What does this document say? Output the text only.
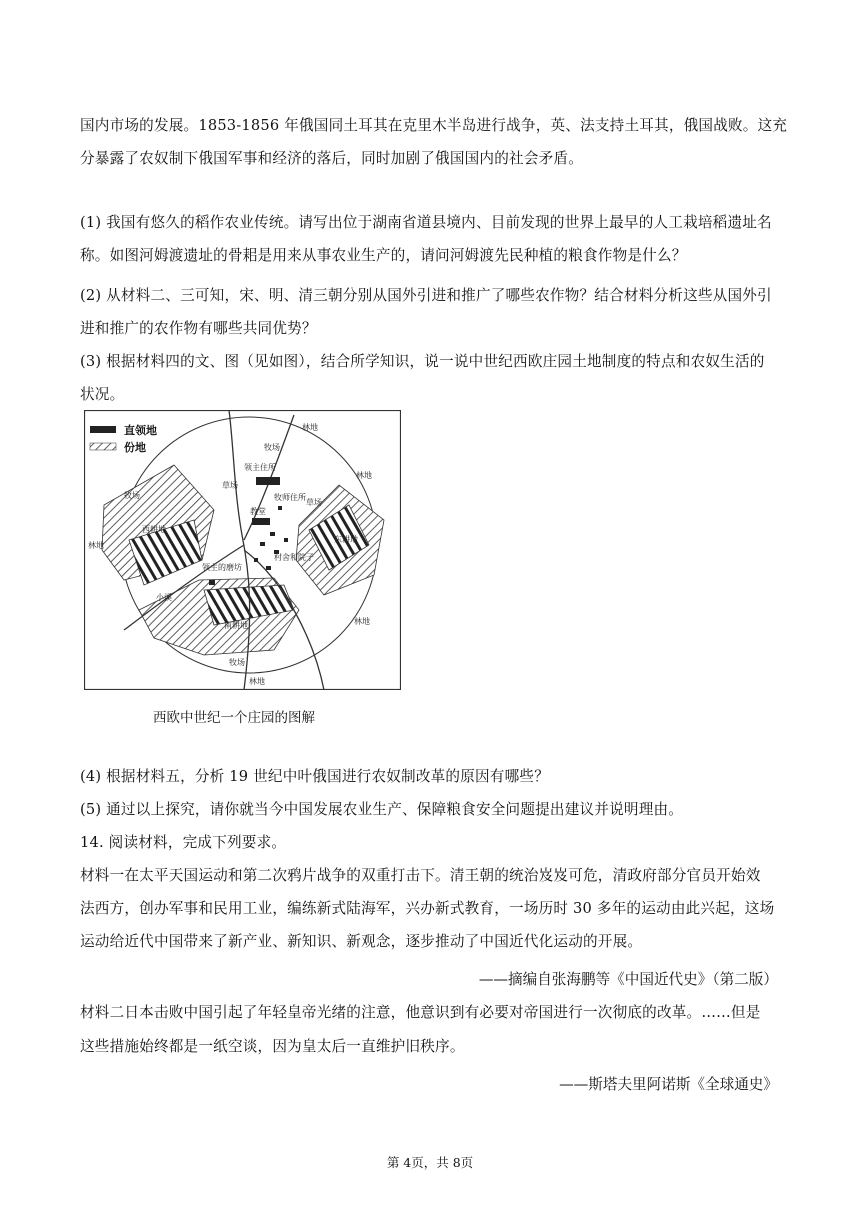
国内市场的发展。1853-1856 年俄国同土耳其在克里木半岛进行战争，英、法支持土耳其，俄国战败。这充
分暴露了农奴制下俄国军事和经济的落后，同时加剧了俄国国内的社会矛盾。
(1) 我国有悠久的稻作农业传统。请写出位于湖南省道县境内、目前发现的世界上最早的人工栽培稻遗址名
称。如图河姆渡遗址的骨耜是用来从事农业生产的，请问河姆渡先民种植的粮食作物是什么？
(2) 从材料二、三可知，宋、明、清三朝分别从国外引进和推广了哪些农作物？结合材料分析这些从国外引
进和推广的农作物有哪些共同优势？
(3) 根据材料四的文、图（见如图），结合所学知识，说一说中世纪西欧庄园土地制度的特点和农奴生活的
状况。
直领地
份地
林地
牧场
林地
牧场
林地
草场
草场
领主住所
牧师住所
教堂
村舍和院子
领主的磨坊
小溪
西耕地
东耕地
南耕地	林地
牧场
林地
西欧中世纪一个庄园的图解
(4) 根据材料五，分析 19 世纪中叶俄国进行农奴制改革的原因有哪些？
(5) 通过以上探究，请你就当今中国发展农业生产、保障粮食安全问题提出建议并说明理由。
14. 阅读材料，完成下列要求。
材料一在太平天国运动和第二次鸦片战争的双重打击下。清王朝的统治岌岌可危，清政府部分官员开始效
法西方，创办军事和民用工业，编练新式陆海军，兴办新式教育，一场历时 30 多年的运动由此兴起，这场
运动给近代中国带来了新产业、新知识、新观念，逐步推动了中国近代化运动的开展。
——摘编自张海鹏等《中国近代史》（第二版）
材料二日本击败中国引起了年轻皇帝光绪的注意，他意识到有必要对帝国进行一次彻底的改革。……但是
这些措施始终都是一纸空谈，因为皇太后一直维护旧秩序。
——斯塔夫里阿诺斯《全球通史》
第 4页，共 8页
